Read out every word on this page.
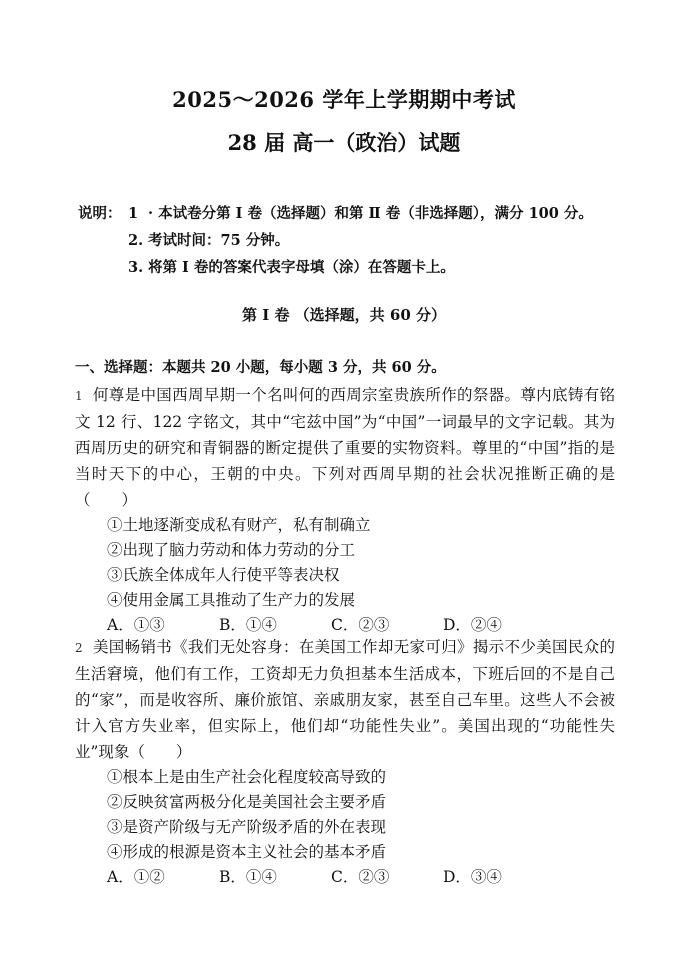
2025～2026 学年上学期期中考试
28 届 高一（政治）试题
说明： 1 · 本试卷分第 I 卷（选择题）和第 Ⅱ 卷（非选择题），满分 100 分。
2. 考试时间：75 分钟。
3. 将第 I 卷的答案代表字母填（涂）在答题卡上。
第 I 卷 （选择题，共 60 分）
一、选择题：本题共 20 小题，每小题 3 分，共 60 分。
1 何尊是中国西周早期一个名叫何的西周宗室贵族所作的祭器。尊内底铸有铭文 12 行、122 字铭文，其中“宅兹中国”为“中国”一词最早的文字记载。其为西周历史的研究和青铜器的断定提供了重要的实物资料。尊里的“中国”指的是当时天下的中心，王朝的中央。下列对西周早期的社会状况推断正确的是（　　）
①土地逐渐变成私有财产，私有制确立
②出现了脑力劳动和体力劳动的分工
③氏族全体成年人行使平等表决权
④使用金属工具推动了生产力的发展
A．①③	B．①④	C．②③	D．②④
2 美国畅销书《我们无处容身：在美国工作却无家可归》揭示不少美国民众的生活窘境，他们有工作，工资却无力负担基本生活成本，下班后回的不是自己的“家”，而是收容所、廉价旅馆、亲戚朋友家，甚至自己车里。这些人不会被计入官方失业率，但实际上，他们却“功能性失业”。美国出现的“功能性失业”现象（　　）
①根本上是由生产社会化程度较高导致的
②反映贫富两极分化是美国社会主要矛盾
③是资产阶级与无产阶级矛盾的外在表现
④形成的根源是资本主义社会的基本矛盾
A．①②	B．①④	C．②③	D．③④
